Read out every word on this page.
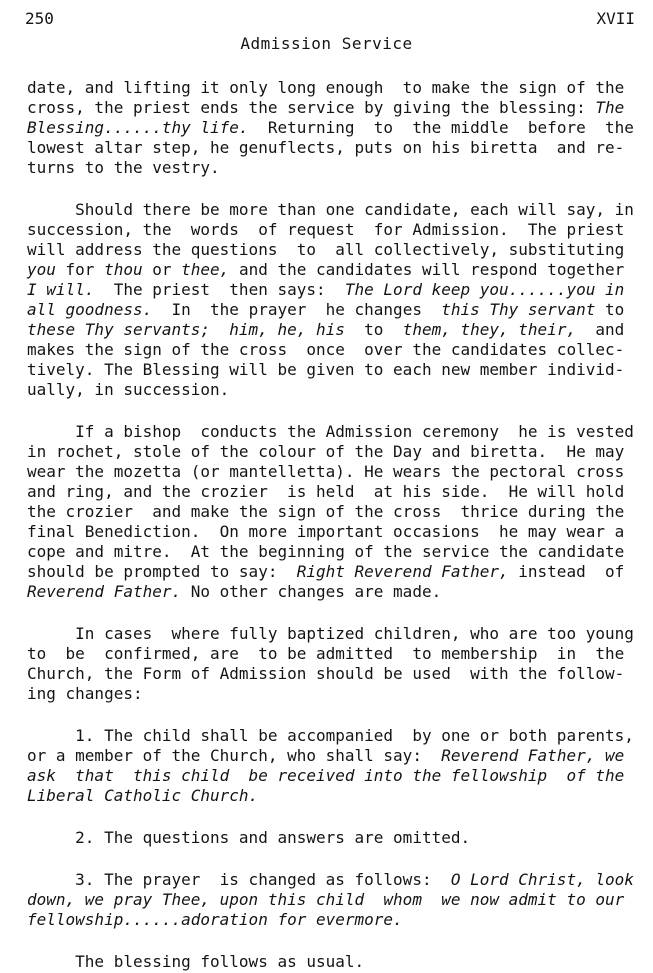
250	XVII
Admission Service
date, and lifting it only long enough  to make the sign of the
cross, the priest ends the service by giving the blessing: The
Blessing......thy life.  Returning  to  the middle  before  the
lowest altar step, he genuflects, puts on his biretta  and re-
turns to the vestry.
Should there be more than one candidate, each will say, in
succession, the  words  of request  for Admission.  The priest
will address the questions  to  all collectively, substituting
you for thou or thee, and the candidates will respond together
I will.  The priest  then says:  The Lord keep you......you in
all goodness.  In  the prayer  he changes  this Thy servant to
these Thy servants;  him, he, his  to  them, they, their,  and
makes the sign of the cross  once  over the candidates collec-
tively. The Blessing will be given to each new member individ-
ually, in succession.
If a bishop  conducts the Admission ceremony  he is vested
in rochet, stole of the colour of the Day and biretta.  He may
wear the mozetta (or mantelletta). He wears the pectoral cross
and ring, and the crozier  is held  at his side.  He will hold
the crozier  and make the sign of the cross  thrice during the
final Benediction.  On more important occasions  he may wear a
cope and mitre.  At the beginning of the service the candidate
should be prompted to say:  Right Reverend Father, instead  of
Reverend Father. No other changes are made.
In cases  where fully baptized children, who are too young
to  be  confirmed, are  to be admitted  to membership  in  the
Church, the Form of Admission should be used  with the follow-
ing changes:
1. The child shall be accompanied  by one or both parents,
or a member of the Church, who shall say:  Reverend Father, we
ask  that  this child  be received into the fellowship  of the
Liberal Catholic Church.
2. The questions and answers are omitted.
3. The prayer  is changed as follows:  O Lord Christ, look
down, we pray Thee, upon this child  whom  we now admit to our
fellowship......adoration for evermore.
The blessing follows as usual.
